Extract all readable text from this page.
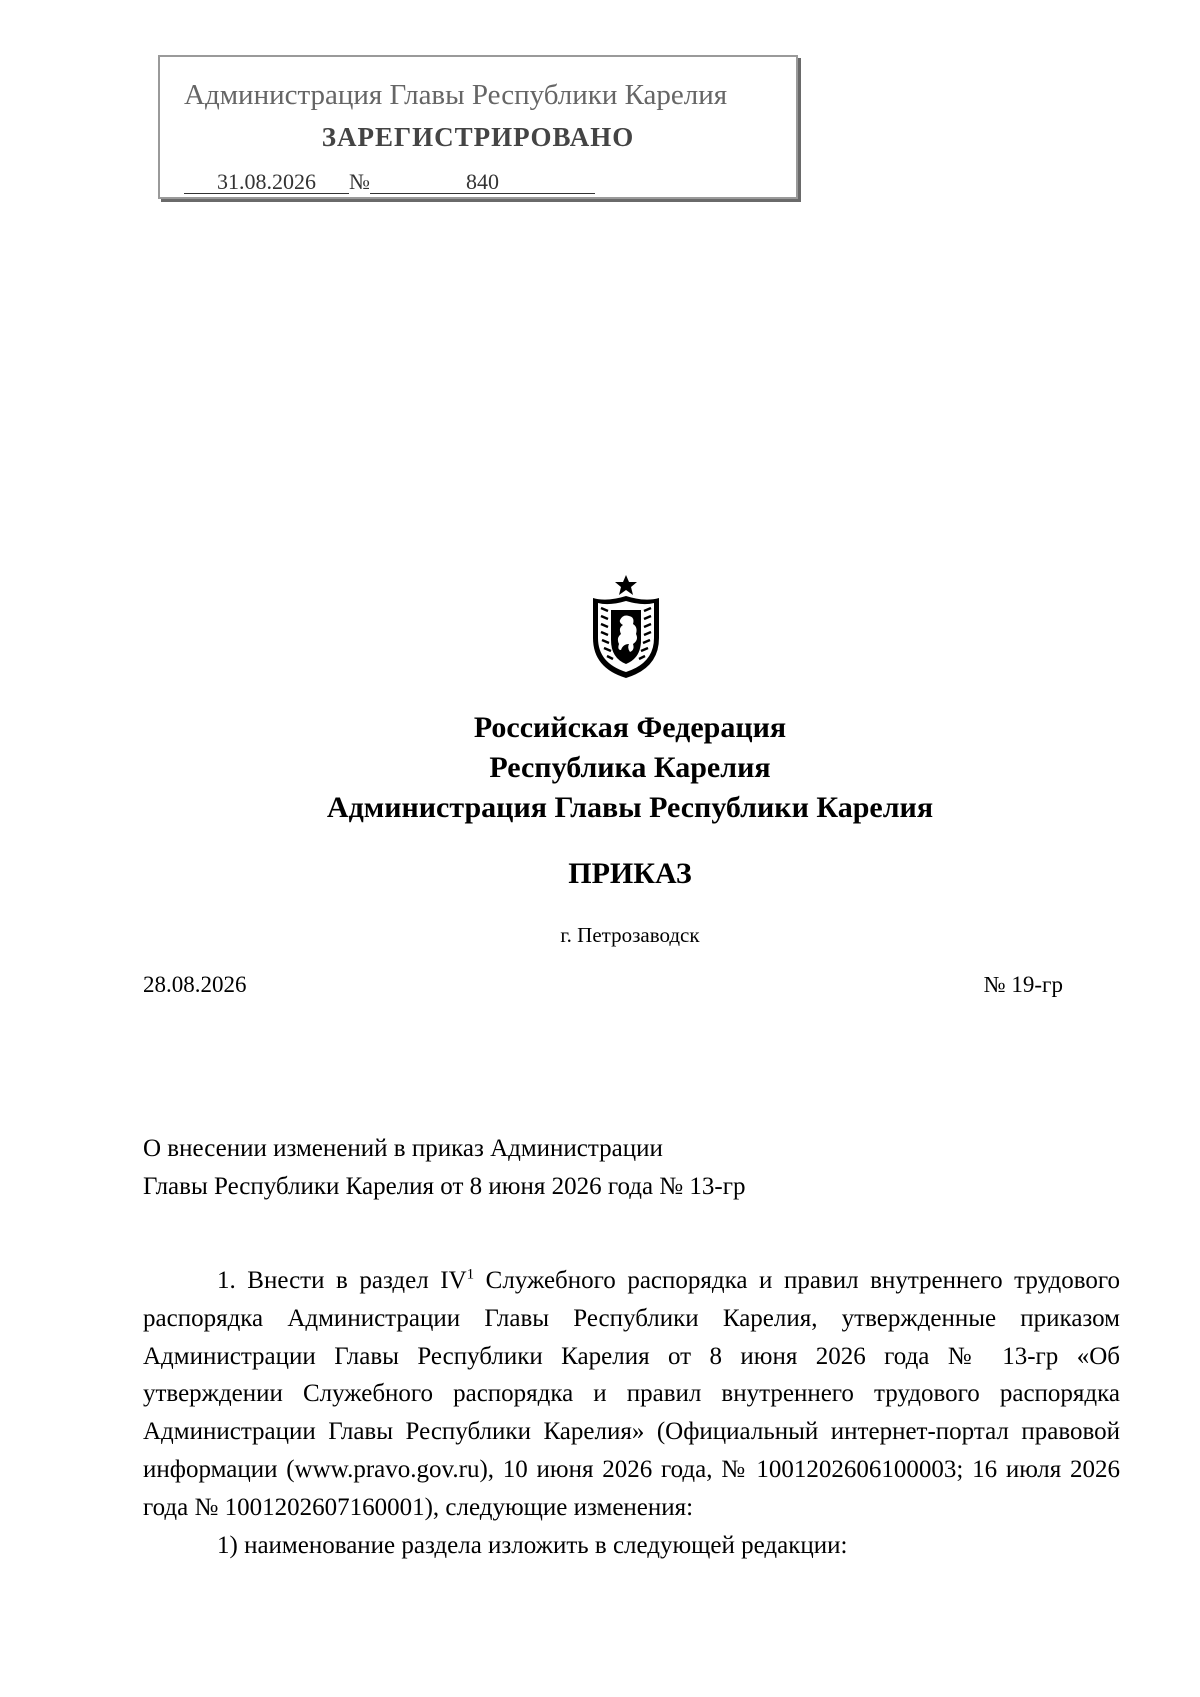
Администрация Главы Республики Карелия
ЗАРЕГИСТРИРОВАНО
31.08.2026 №	840
Российская Федерация
Республика Карелия
Администрация Главы Республики Карелия
ПРИКАЗ
г. Петрозаводск
28.08.2026	№ 19-гр
О внесении изменений в приказ Администрации
Главы Республики Карелия от 8 июня 2026 года № 13-гр

1. Внести в раздел $IV^1$ Служебного распорядка и правил внутреннего трудового распорядка Администрации Главы Республики Карелия, утвержденные приказом Администрации Главы Республики Карелия от 8 июня 2026 года № 13-гр «Об утверждении Служебного распорядка и правил внутреннего трудового распорядка Администрации Главы Республики Карелия» (Официальный интернет-портал правовой информации (www.pravo.gov.ru), 10 июня 2026 года, № 1001202606100003; 16 июля 2026 года № 1001202607160001), следующие изменения:

1) наименование раздела изложить в следующей редакции:
